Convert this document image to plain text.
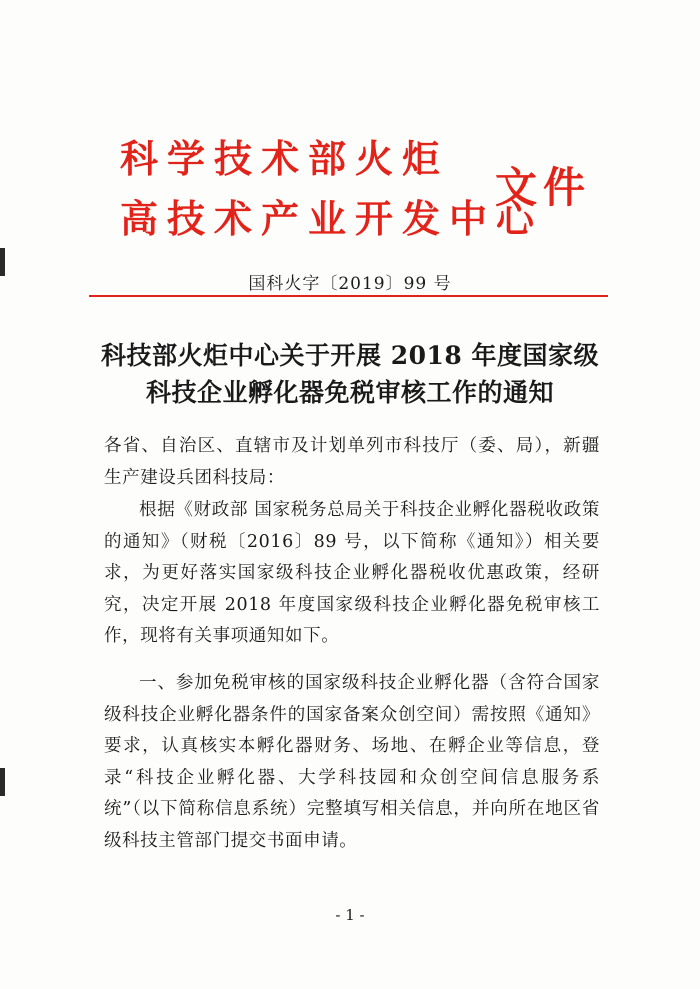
科学技术部火炬
高技术产业开发中心
文件
国科火字〔2019〕99 号
科技部火炬中心关于开展 2018 年度国家级
科技企业孵化器免税审核工作的通知

各省、自治区、直辖市及计划单列市科技厅（委、局），新疆生产建设兵团科技局：

根据《财政部 国家税务总局关于科技企业孵化器税收政策的通知》（财税〔2016〕89 号，以下简称《通知》）相关要求，为更好落实国家级科技企业孵化器税收优惠政策，经研究，决定开展 2018 年度国家级科技企业孵化器免税审核工作，现将有关事项通知如下。

一、参加免税审核的国家级科技企业孵化器（含符合国家级科技企业孵化器条件的国家备案众创空间）需按照《通知》要求，认真核实本孵化器财务、场地、在孵企业等信息，登录“科技企业孵化器、大学科技园和众创空间信息服务系统”（以下简称信息系统）完整填写相关信息，并向所在地区省级科技主管部门提交书面申请。

- 1 -
